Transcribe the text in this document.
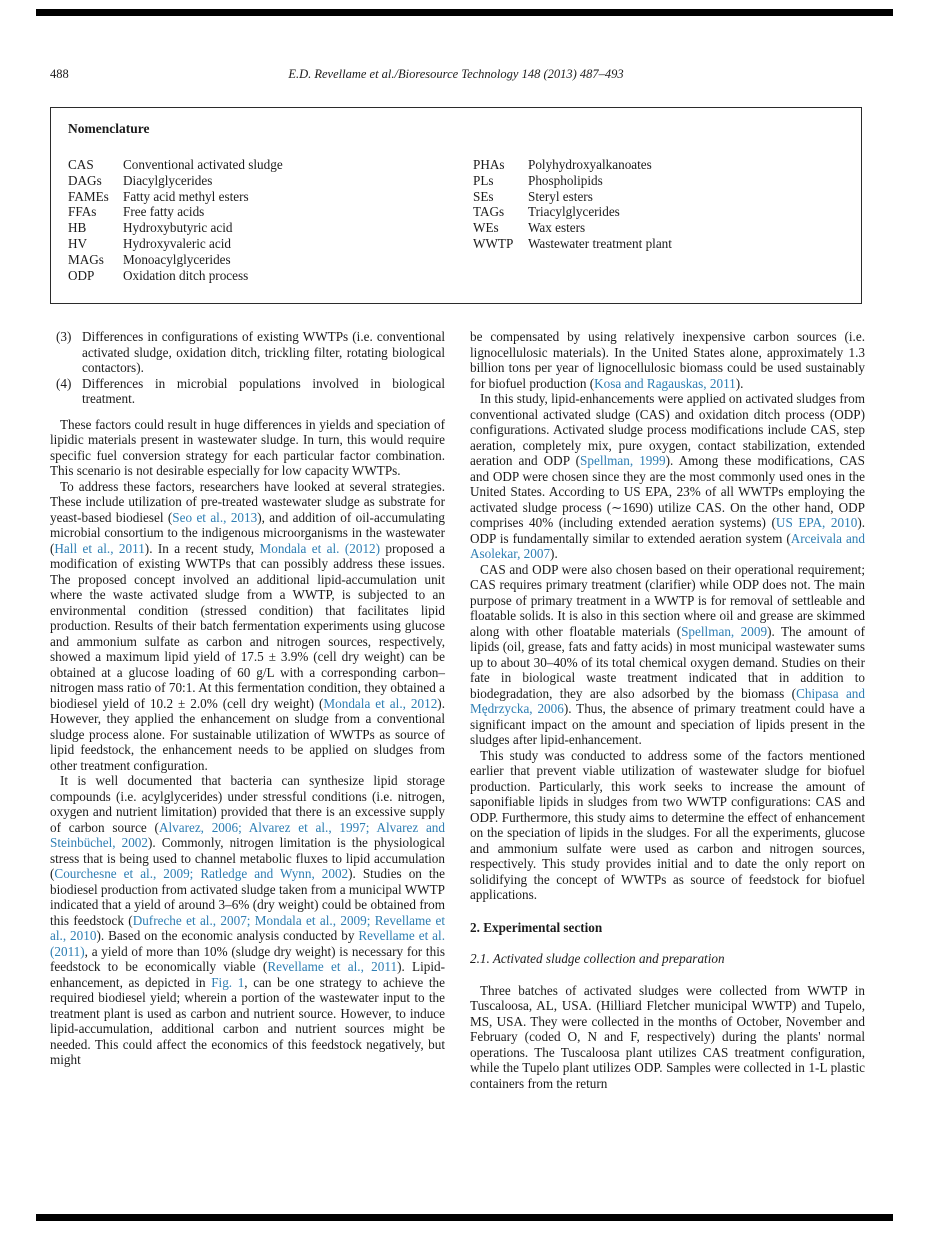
488	E.D. Revellame et al./Bioresource Technology 148 (2013) 487–493
Nomenclature
CAS	Conventional activated sludge
DAGs	Diacylglycerides
FAMEs	Fatty acid methyl esters
FFAs	Free fatty acids
HB	Hydroxybutyric acid
HV	Hydroxyvaleric acid
MAGs	Monoacylglycerides
ODP	Oxidation ditch process
PHAs	Polyhydroxyalkanoates
PLs	Phospholipids
SEs	Steryl esters
TAGs	Triacylglycerides
WEs	Wax esters
WWTP	Wastewater treatment plant
(3) Differences in configurations of existing WWTPs (i.e. conventional activated sludge, oxidation ditch, trickling filter, rotating biological contactors).
(4) Differences in microbial populations involved in biological treatment.

These factors could result in huge differences in yields and speciation of lipidic materials present in wastewater sludge. In turn, this would require specific fuel conversion strategy for each particular factor combination. This scenario is not desirable especially for low capacity WWTPs.

To address these factors, researchers have looked at several strategies. These include utilization of pre-treated wastewater sludge as substrate for yeast-based biodiesel (Seo et al., 2013), and addition of oil-accumulating microbial consortium to the indigenous microorganisms in the wastewater (Hall et al., 2011). In a recent study, Mondala et al. (2012) proposed a modification of existing WWTPs that can possibly address these issues. The proposed concept involved an additional lipid-accumulation unit where the waste activated sludge from a WWTP, is subjected to an environmental condition (stressed condition) that facilitates lipid production. Results of their batch fermentation experiments using glucose and ammonium sulfate as carbon and nitrogen sources, respectively, showed a maximum lipid yield of 17.5 ± 3.9% (cell dry weight) can be obtained at a glucose loading of 60 g/L with a corresponding carbon–nitrogen mass ratio of 70:1. At this fermentation condition, they obtained a biodiesel yield of 10.2 ± 2.0% (cell dry weight) (Mondala et al., 2012). However, they applied the enhancement on sludge from a conventional sludge process alone. For sustainable utilization of WWTPs as source of lipid feedstock, the enhancement needs to be applied on sludges from other treatment configuration.

It is well documented that bacteria can synthesize lipid storage compounds (i.e. acylglycerides) under stressful conditions (i.e. nitrogen, oxygen and nutrient limitation) provided that there is an excessive supply of carbon source (Alvarez, 2006; Alvarez et al., 1997; Alvarez and Steinbüchel, 2002). Commonly, nitrogen limitation is the physiological stress that is being used to channel metabolic fluxes to lipid accumulation (Courchesne et al., 2009; Ratledge and Wynn, 2002). Studies on the biodiesel production from activated sludge taken from a municipal WWTP indicated that a yield of around 3–6% (dry weight) could be obtained from this feedstock (Dufreche et al., 2007; Mondala et al., 2009; Revellame et al., 2010). Based on the economic analysis conducted by Revellame et al. (2011), a yield of more than 10% (sludge dry weight) is necessary for this feedstock to be economically viable (Revellame et al., 2011). Lipid-enhancement, as depicted in Fig. 1, can be one strategy to achieve the required biodiesel yield; wherein a portion of the wastewater input to the treatment plant is used as carbon and nutrient source. However, to induce lipid-accumulation, additional carbon and nutrient sources might be needed. This could affect the economics of this feedstock negatively, but might

be compensated by using relatively inexpensive carbon sources (i.e. lignocellulosic materials). In the United States alone, approximately 1.3 billion tons per year of lignocellulosic biomass could be used sustainably for biofuel production (Kosa and Ragauskas, 2011).

In this study, lipid-enhancements were applied on activated sludges from conventional activated sludge (CAS) and oxidation ditch process (ODP) configurations. Activated sludge process modifications include CAS, step aeration, completely mix, pure oxygen, contact stabilization, extended aeration and ODP (Spellman, 1999). Among these modifications, CAS and ODP were chosen since they are the most commonly used ones in the United States. According to US EPA, 23% of all WWTPs employing the activated sludge process (∼1690) utilize CAS. On the other hand, ODP comprises 40% (including extended aeration systems) (US EPA, 2010). ODP is fundamentally similar to extended aeration system (Arceivala and Asolekar, 2007).

CAS and ODP were also chosen based on their operational requirement; CAS requires primary treatment (clarifier) while ODP does not. The main purpose of primary treatment in a WWTP is for removal of settleable and floatable solids. It is also in this section where oil and grease are skimmed along with other floatable materials (Spellman, 2009). The amount of lipids (oil, grease, fats and fatty acids) in most municipal wastewater sums up to about 30–40% of its total chemical oxygen demand. Studies on their fate in biological waste treatment indicated that in addition to biodegradation, they are also adsorbed by the biomass (Chipasa and Mędrzycka, 2006). Thus, the absence of primary treatment could have a significant impact on the amount and speciation of lipids present in the sludges after lipid-enhancement.

This study was conducted to address some of the factors mentioned earlier that prevent viable utilization of wastewater sludge for biofuel production. Particularly, this work seeks to increase the amount of saponifiable lipids in sludges from two WWTP configurations: CAS and ODP. Furthermore, this study aims to determine the effect of enhancement on the speciation of lipids in the sludges. For all the experiments, glucose and ammonium sulfate were used as carbon and nitrogen sources, respectively. This study provides initial and to date the only report on solidifying the concept of WWTPs as source of feedstock for biofuel applications.

2. Experimental section
2.1. Activated sludge collection and preparation

Three batches of activated sludges were collected from WWTP in Tuscaloosa, AL, USA. (Hilliard Fletcher municipal WWTP) and Tupelo, MS, USA. They were collected in the months of October, November and February (coded O, N and F, respectively) during the plants' normal operations. The Tuscaloosa plant utilizes CAS treatment configuration, while the Tupelo plant utilizes ODP. Samples were collected in 1-L plastic containers from the return
